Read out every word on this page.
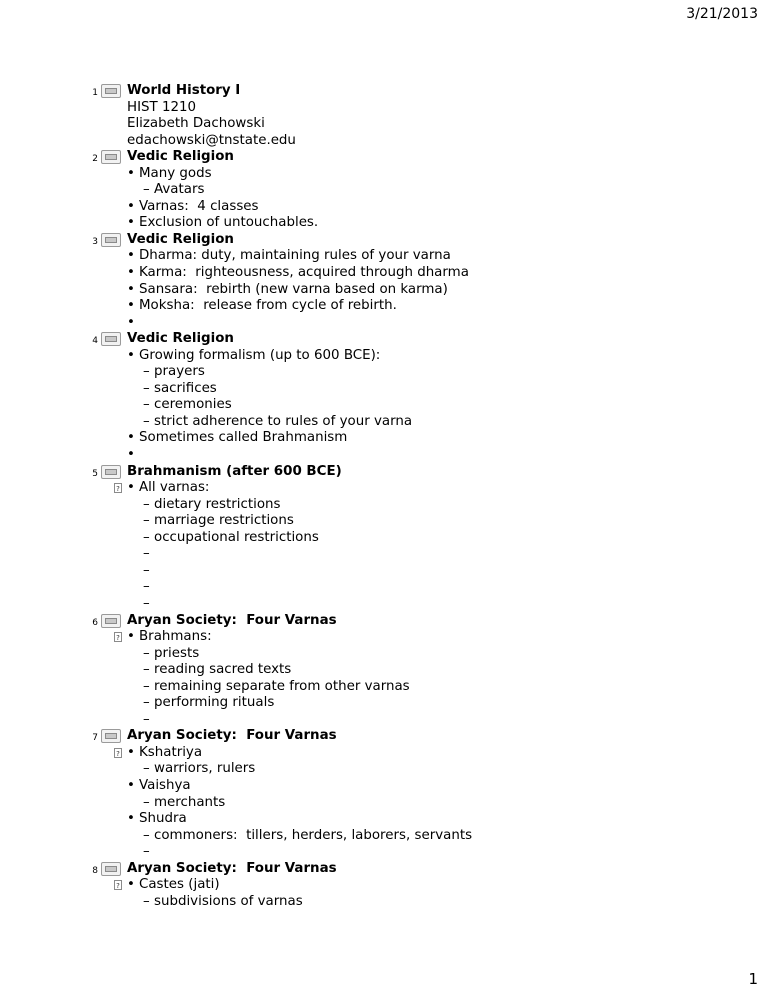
3/21/2013
1	World History I
HIST 1210
Elizabeth Dachowski
edachowski@tnstate.edu
2	Vedic Religion
• Many gods
– Avatars
• Varnas:  4 classes
• Exclusion of untouchables.
3	Vedic Religion
• Dharma: duty, maintaining rules of your varna
• Karma:  righteousness, acquired through dharma
• Sansara:  rebirth (new varna based on karma)
• Moksha:  release from cycle of rebirth.
•
4	Vedic Religion
• Growing formalism (up to 600 BCE):
– prayers
– sacrifices
– ceremonies
– strict adherence to rules of your varna
• Sometimes called Brahmanism
•
5	Brahmanism (after 600 BCE)
? • All varnas:
– dietary restrictions
– marriage restrictions
– occupational restrictions
–
–
–
–
6	Aryan Society:  Four Varnas
? • Brahmans:
– priests
– reading sacred texts
– remaining separate from other varnas
– performing rituals
–
7	Aryan Society:  Four Varnas
? • Kshatriya
– warriors, rulers
• Vaishya
– merchants
• Shudra
– commoners:  tillers, herders, laborers, servants
–
8	Aryan Society:  Four Varnas
? • Castes (jati)
– subdivisions of varnas
1
